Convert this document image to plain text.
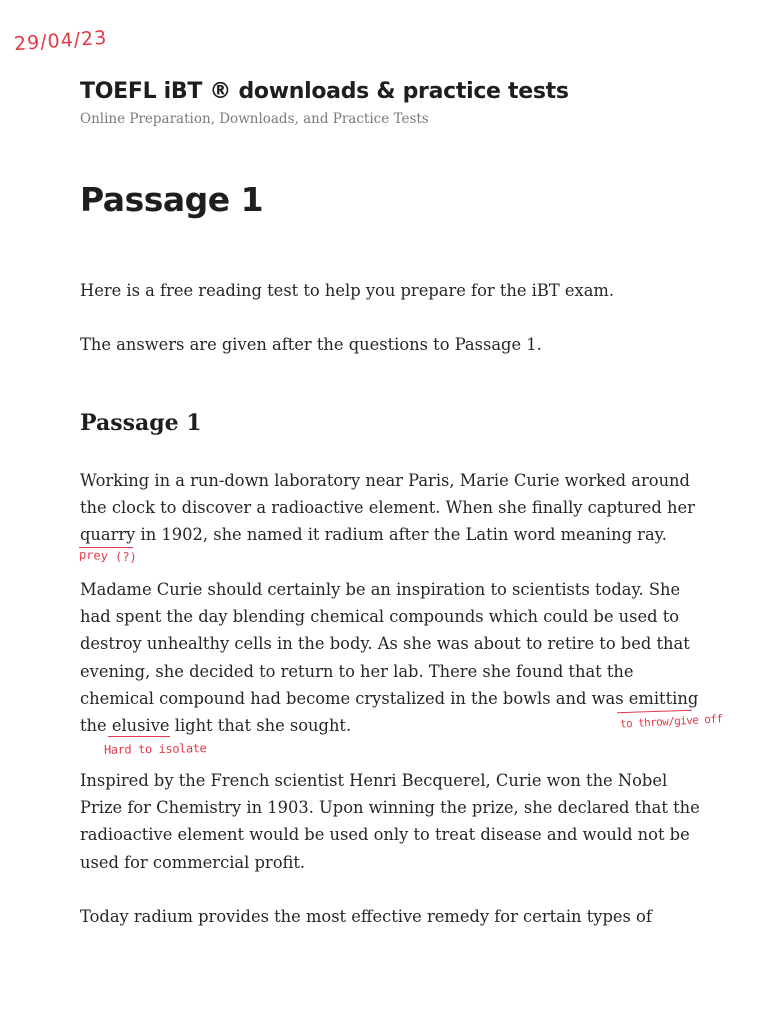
29/04/23
TOEFL iBT ® downloads & practice tests

Online Preparation, Downloads, and Practice Tests

Passage 1

Here is a free reading test to help you prepare for the iBT exam.

The answers are given after the questions to Passage 1.

Passage 1
Working in a run-down laboratory near Paris, Marie Curie worked around
the clock to discover a radioactive element. When she finally captured her
quarry in 1902, she named it radium after the Latin word meaning ray.
Madame Curie should certainly be an inspiration to scientists today. She
had spent the day blending chemical compounds which could be used to
destroy unhealthy cells in the body. As she was about to retire to bed that
evening, she decided to return to her lab. There she found that the
chemical compound had become crystalized in the bowls and was emitting
the elusive light that she sought.
Inspired by the French scientist Henri Becquerel, Curie won the Nobel
Prize for Chemistry in 1903. Upon winning the prize, she declared that the
radioactive element would be used only to treat disease and would not be
used for commercial profit.
Today radium provides the most effective remedy for certain types of
prey (?)
to throw/give off
Hard to isolate
